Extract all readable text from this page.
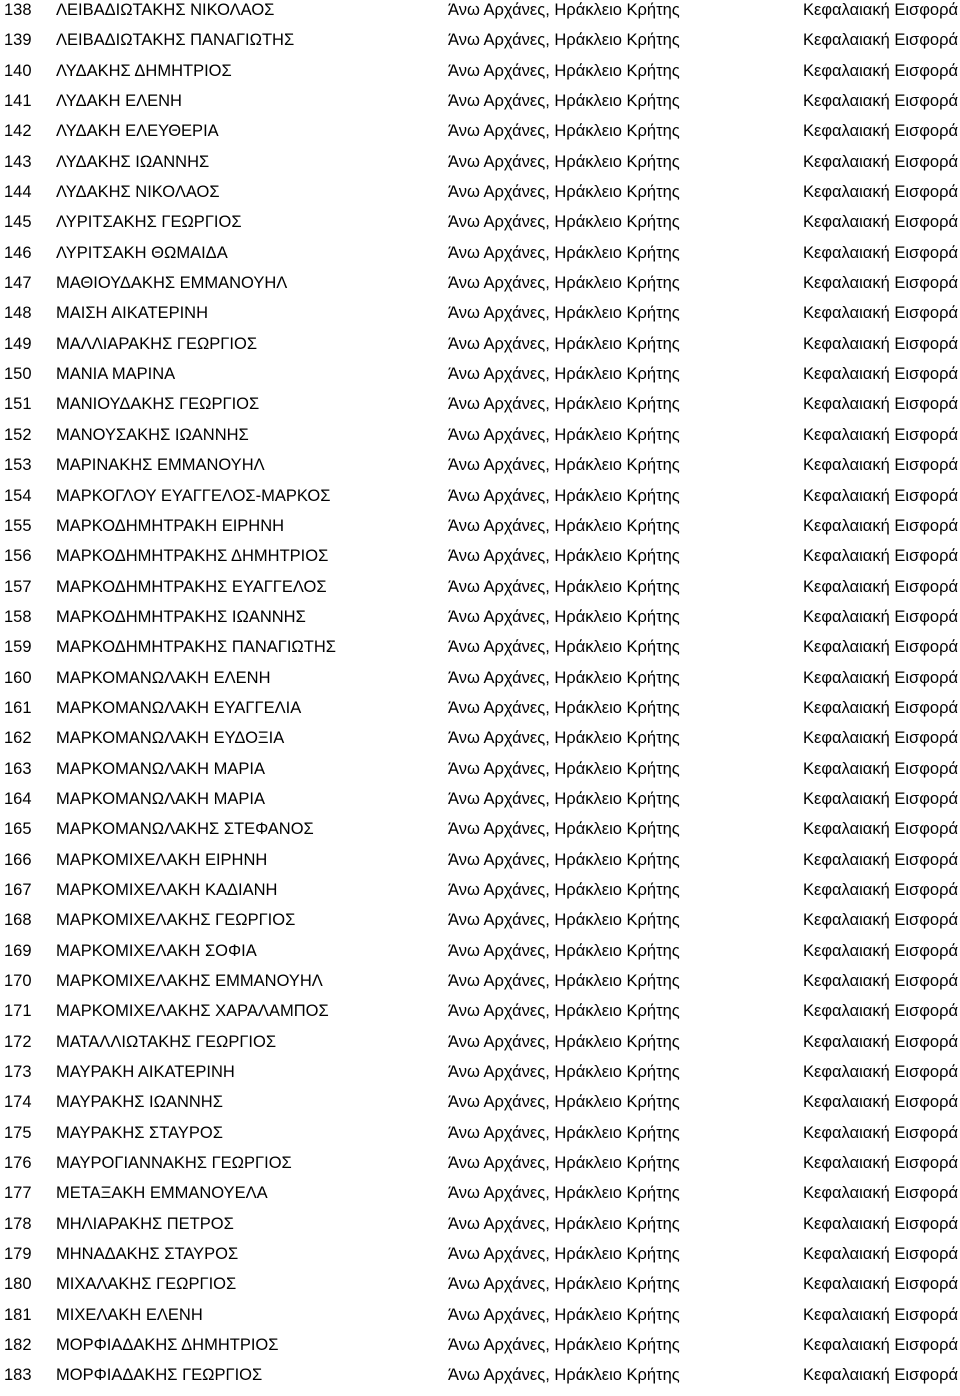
138 ΛΕΙΒΑΔΙΩΤΑΚΗΣ ΝΙΚΟΛΑΟΣ	Άνω Αρχάνες, Ηράκλειο Κρήτης	Κεφαλαιακή Εισφορά
139 ΛΕΙΒΑΔΙΩΤΑΚΗΣ ΠΑΝΑΓΙΩΤΗΣ	Άνω Αρχάνες, Ηράκλειο Κρήτης	Κεφαλαιακή Εισφορά
140 ΛΥΔΑΚΗΣ ΔΗΜΗΤΡΙΟΣ	Άνω Αρχάνες, Ηράκλειο Κρήτης	Κεφαλαιακή Εισφορά
141 ΛΥΔΑΚΗ ΕΛΕΝΗ	Άνω Αρχάνες, Ηράκλειο Κρήτης	Κεφαλαιακή Εισφορά
142 ΛΥΔΑΚΗ ΕΛΕΥΘΕΡΙΑ	Άνω Αρχάνες, Ηράκλειο Κρήτης	Κεφαλαιακή Εισφορά
143 ΛΥΔΑΚΗΣ ΙΩΑΝΝΗΣ	Άνω Αρχάνες, Ηράκλειο Κρήτης	Κεφαλαιακή Εισφορά
144 ΛΥΔΑΚΗΣ ΝΙΚΟΛΑΟΣ	Άνω Αρχάνες, Ηράκλειο Κρήτης	Κεφαλαιακή Εισφορά
145 ΛΥΡΙΤΣΑΚΗΣ ΓΕΩΡΓΙΟΣ	Άνω Αρχάνες, Ηράκλειο Κρήτης	Κεφαλαιακή Εισφορά
146 ΛΥΡΙΤΣΑΚΗ ΘΩΜΑΙΔΑ	Άνω Αρχάνες, Ηράκλειο Κρήτης	Κεφαλαιακή Εισφορά
147 ΜΑΘΙΟΥΔΑΚΗΣ ΕΜΜΑΝΟΥΗΛ	Άνω Αρχάνες, Ηράκλειο Κρήτης	Κεφαλαιακή Εισφορά
148 ΜΑΙΣΗ ΑΙΚΑΤΕΡΙΝΗ	Άνω Αρχάνες, Ηράκλειο Κρήτης	Κεφαλαιακή Εισφορά
149 ΜΑΛΛΙΑΡΑΚΗΣ ΓΕΩΡΓΙΟΣ	Άνω Αρχάνες, Ηράκλειο Κρήτης	Κεφαλαιακή Εισφορά
150 ΜΑΝΙΑ ΜΑΡΙΝΑ	Άνω Αρχάνες, Ηράκλειο Κρήτης	Κεφαλαιακή Εισφορά
151 ΜΑΝΙΟΥΔΑΚΗΣ ΓΕΩΡΓΙΟΣ	Άνω Αρχάνες, Ηράκλειο Κρήτης	Κεφαλαιακή Εισφορά
152 ΜΑΝΟΥΣΑΚΗΣ ΙΩΑΝΝΗΣ	Άνω Αρχάνες, Ηράκλειο Κρήτης	Κεφαλαιακή Εισφορά
153 ΜΑΡΙΝΑΚΗΣ ΕΜΜΑΝΟΥΗΛ	Άνω Αρχάνες, Ηράκλειο Κρήτης	Κεφαλαιακή Εισφορά
154 ΜΑΡΚΟΓΛΟΥ ΕΥΑΓΓΕΛΟΣ-ΜΑΡΚΟΣ	Άνω Αρχάνες, Ηράκλειο Κρήτης	Κεφαλαιακή Εισφορά
155 ΜΑΡΚΟΔΗΜΗΤΡΑΚΗ ΕΙΡΗΝΗ	Άνω Αρχάνες, Ηράκλειο Κρήτης	Κεφαλαιακή Εισφορά
156 ΜΑΡΚΟΔΗΜΗΤΡΑΚΗΣ ΔΗΜΗΤΡΙΟΣ	Άνω Αρχάνες, Ηράκλειο Κρήτης	Κεφαλαιακή Εισφορά
157 ΜΑΡΚΟΔΗΜΗΤΡΑΚΗΣ ΕΥΑΓΓΕΛΟΣ	Άνω Αρχάνες, Ηράκλειο Κρήτης	Κεφαλαιακή Εισφορά
158 ΜΑΡΚΟΔΗΜΗΤΡΑΚΗΣ ΙΩΑΝΝΗΣ	Άνω Αρχάνες, Ηράκλειο Κρήτης	Κεφαλαιακή Εισφορά
159 ΜΑΡΚΟΔΗΜΗΤΡΑΚΗΣ ΠΑΝΑΓΙΩΤΗΣ	Άνω Αρχάνες, Ηράκλειο Κρήτης	Κεφαλαιακή Εισφορά
160 ΜΑΡΚΟΜΑΝΩΛΑΚΗ ΕΛΕΝΗ	Άνω Αρχάνες, Ηράκλειο Κρήτης	Κεφαλαιακή Εισφορά
161 ΜΑΡΚΟΜΑΝΩΛΑΚΗ ΕΥΑΓΓΕΛΙΑ	Άνω Αρχάνες, Ηράκλειο Κρήτης	Κεφαλαιακή Εισφορά
162 ΜΑΡΚΟΜΑΝΩΛΑΚΗ ΕΥΔΟΞΙΑ	Άνω Αρχάνες, Ηράκλειο Κρήτης	Κεφαλαιακή Εισφορά
163 ΜΑΡΚΟΜΑΝΩΛΑΚΗ ΜΑΡΙΑ	Άνω Αρχάνες, Ηράκλειο Κρήτης	Κεφαλαιακή Εισφορά
164 ΜΑΡΚΟΜΑΝΩΛΑΚΗ ΜΑΡΙΑ	Άνω Αρχάνες, Ηράκλειο Κρήτης	Κεφαλαιακή Εισφορά
165 ΜΑΡΚΟΜΑΝΩΛΑΚΗΣ ΣΤΕΦΑΝΟΣ	Άνω Αρχάνες, Ηράκλειο Κρήτης	Κεφαλαιακή Εισφορά
166 ΜΑΡΚΟΜΙΧΕΛΑΚΗ ΕΙΡΗΝΗ	Άνω Αρχάνες, Ηράκλειο Κρήτης	Κεφαλαιακή Εισφορά
167 ΜΑΡΚΟΜΙΧΕΛΑΚΗ ΚΑΔΙΑΝΗ	Άνω Αρχάνες, Ηράκλειο Κρήτης	Κεφαλαιακή Εισφορά
168 ΜΑΡΚΟΜΙΧΕΛΑΚΗΣ ΓΕΩΡΓΙΟΣ	Άνω Αρχάνες, Ηράκλειο Κρήτης	Κεφαλαιακή Εισφορά
169 ΜΑΡΚΟΜΙΧΕΛΑΚΗ ΣΟΦΙΑ	Άνω Αρχάνες, Ηράκλειο Κρήτης	Κεφαλαιακή Εισφορά
170 ΜΑΡΚΟΜΙΧΕΛΑΚΗΣ ΕΜΜΑΝΟΥΗΛ	Άνω Αρχάνες, Ηράκλειο Κρήτης	Κεφαλαιακή Εισφορά
171 ΜΑΡΚΟΜΙΧΕΛΑΚΗΣ ΧΑΡΑΛΑΜΠΟΣ	Άνω Αρχάνες, Ηράκλειο Κρήτης	Κεφαλαιακή Εισφορά
172 ΜΑΤΑΛΛΙΩΤΑΚΗΣ ΓΕΩΡΓΙΟΣ	Άνω Αρχάνες, Ηράκλειο Κρήτης	Κεφαλαιακή Εισφορά
173 ΜΑΥΡΑΚΗ ΑΙΚΑΤΕΡΙΝΗ	Άνω Αρχάνες, Ηράκλειο Κρήτης	Κεφαλαιακή Εισφορά
174 ΜΑΥΡΑΚΗΣ ΙΩΑΝΝΗΣ	Άνω Αρχάνες, Ηράκλειο Κρήτης	Κεφαλαιακή Εισφορά
175 ΜΑΥΡΑΚΗΣ ΣΤΑΥΡΟΣ	Άνω Αρχάνες, Ηράκλειο Κρήτης	Κεφαλαιακή Εισφορά
176 ΜΑΥΡΟΓΙΑΝΝΑΚΗΣ ΓΕΩΡΓΙΟΣ	Άνω Αρχάνες, Ηράκλειο Κρήτης	Κεφαλαιακή Εισφορά
177 ΜΕΤΑΞΑΚΗ ΕΜΜΑΝΟΥΕΛΑ	Άνω Αρχάνες, Ηράκλειο Κρήτης	Κεφαλαιακή Εισφορά
178 ΜΗΛΙΑΡΑΚΗΣ ΠΕΤΡΟΣ	Άνω Αρχάνες, Ηράκλειο Κρήτης	Κεφαλαιακή Εισφορά
179 ΜΗΝΑΔΑΚΗΣ ΣΤΑΥΡΟΣ	Άνω Αρχάνες, Ηράκλειο Κρήτης	Κεφαλαιακή Εισφορά
180 ΜΙΧΑΛΑΚΗΣ ΓΕΩΡΓΙΟΣ	Άνω Αρχάνες, Ηράκλειο Κρήτης	Κεφαλαιακή Εισφορά
181 ΜΙΧΕΛΑΚΗ ΕΛΕΝΗ	Άνω Αρχάνες, Ηράκλειο Κρήτης	Κεφαλαιακή Εισφορά
182 ΜΟΡΦΙΑΔΑΚΗΣ ΔΗΜΗΤΡΙΟΣ	Άνω Αρχάνες, Ηράκλειο Κρήτης	Κεφαλαιακή Εισφορά
183 ΜΟΡΦΙΑΔΑΚΗΣ ΓΕΩΡΓΙΟΣ	Άνω Αρχάνες, Ηράκλειο Κρήτης	Κεφαλαιακή Εισφορά
